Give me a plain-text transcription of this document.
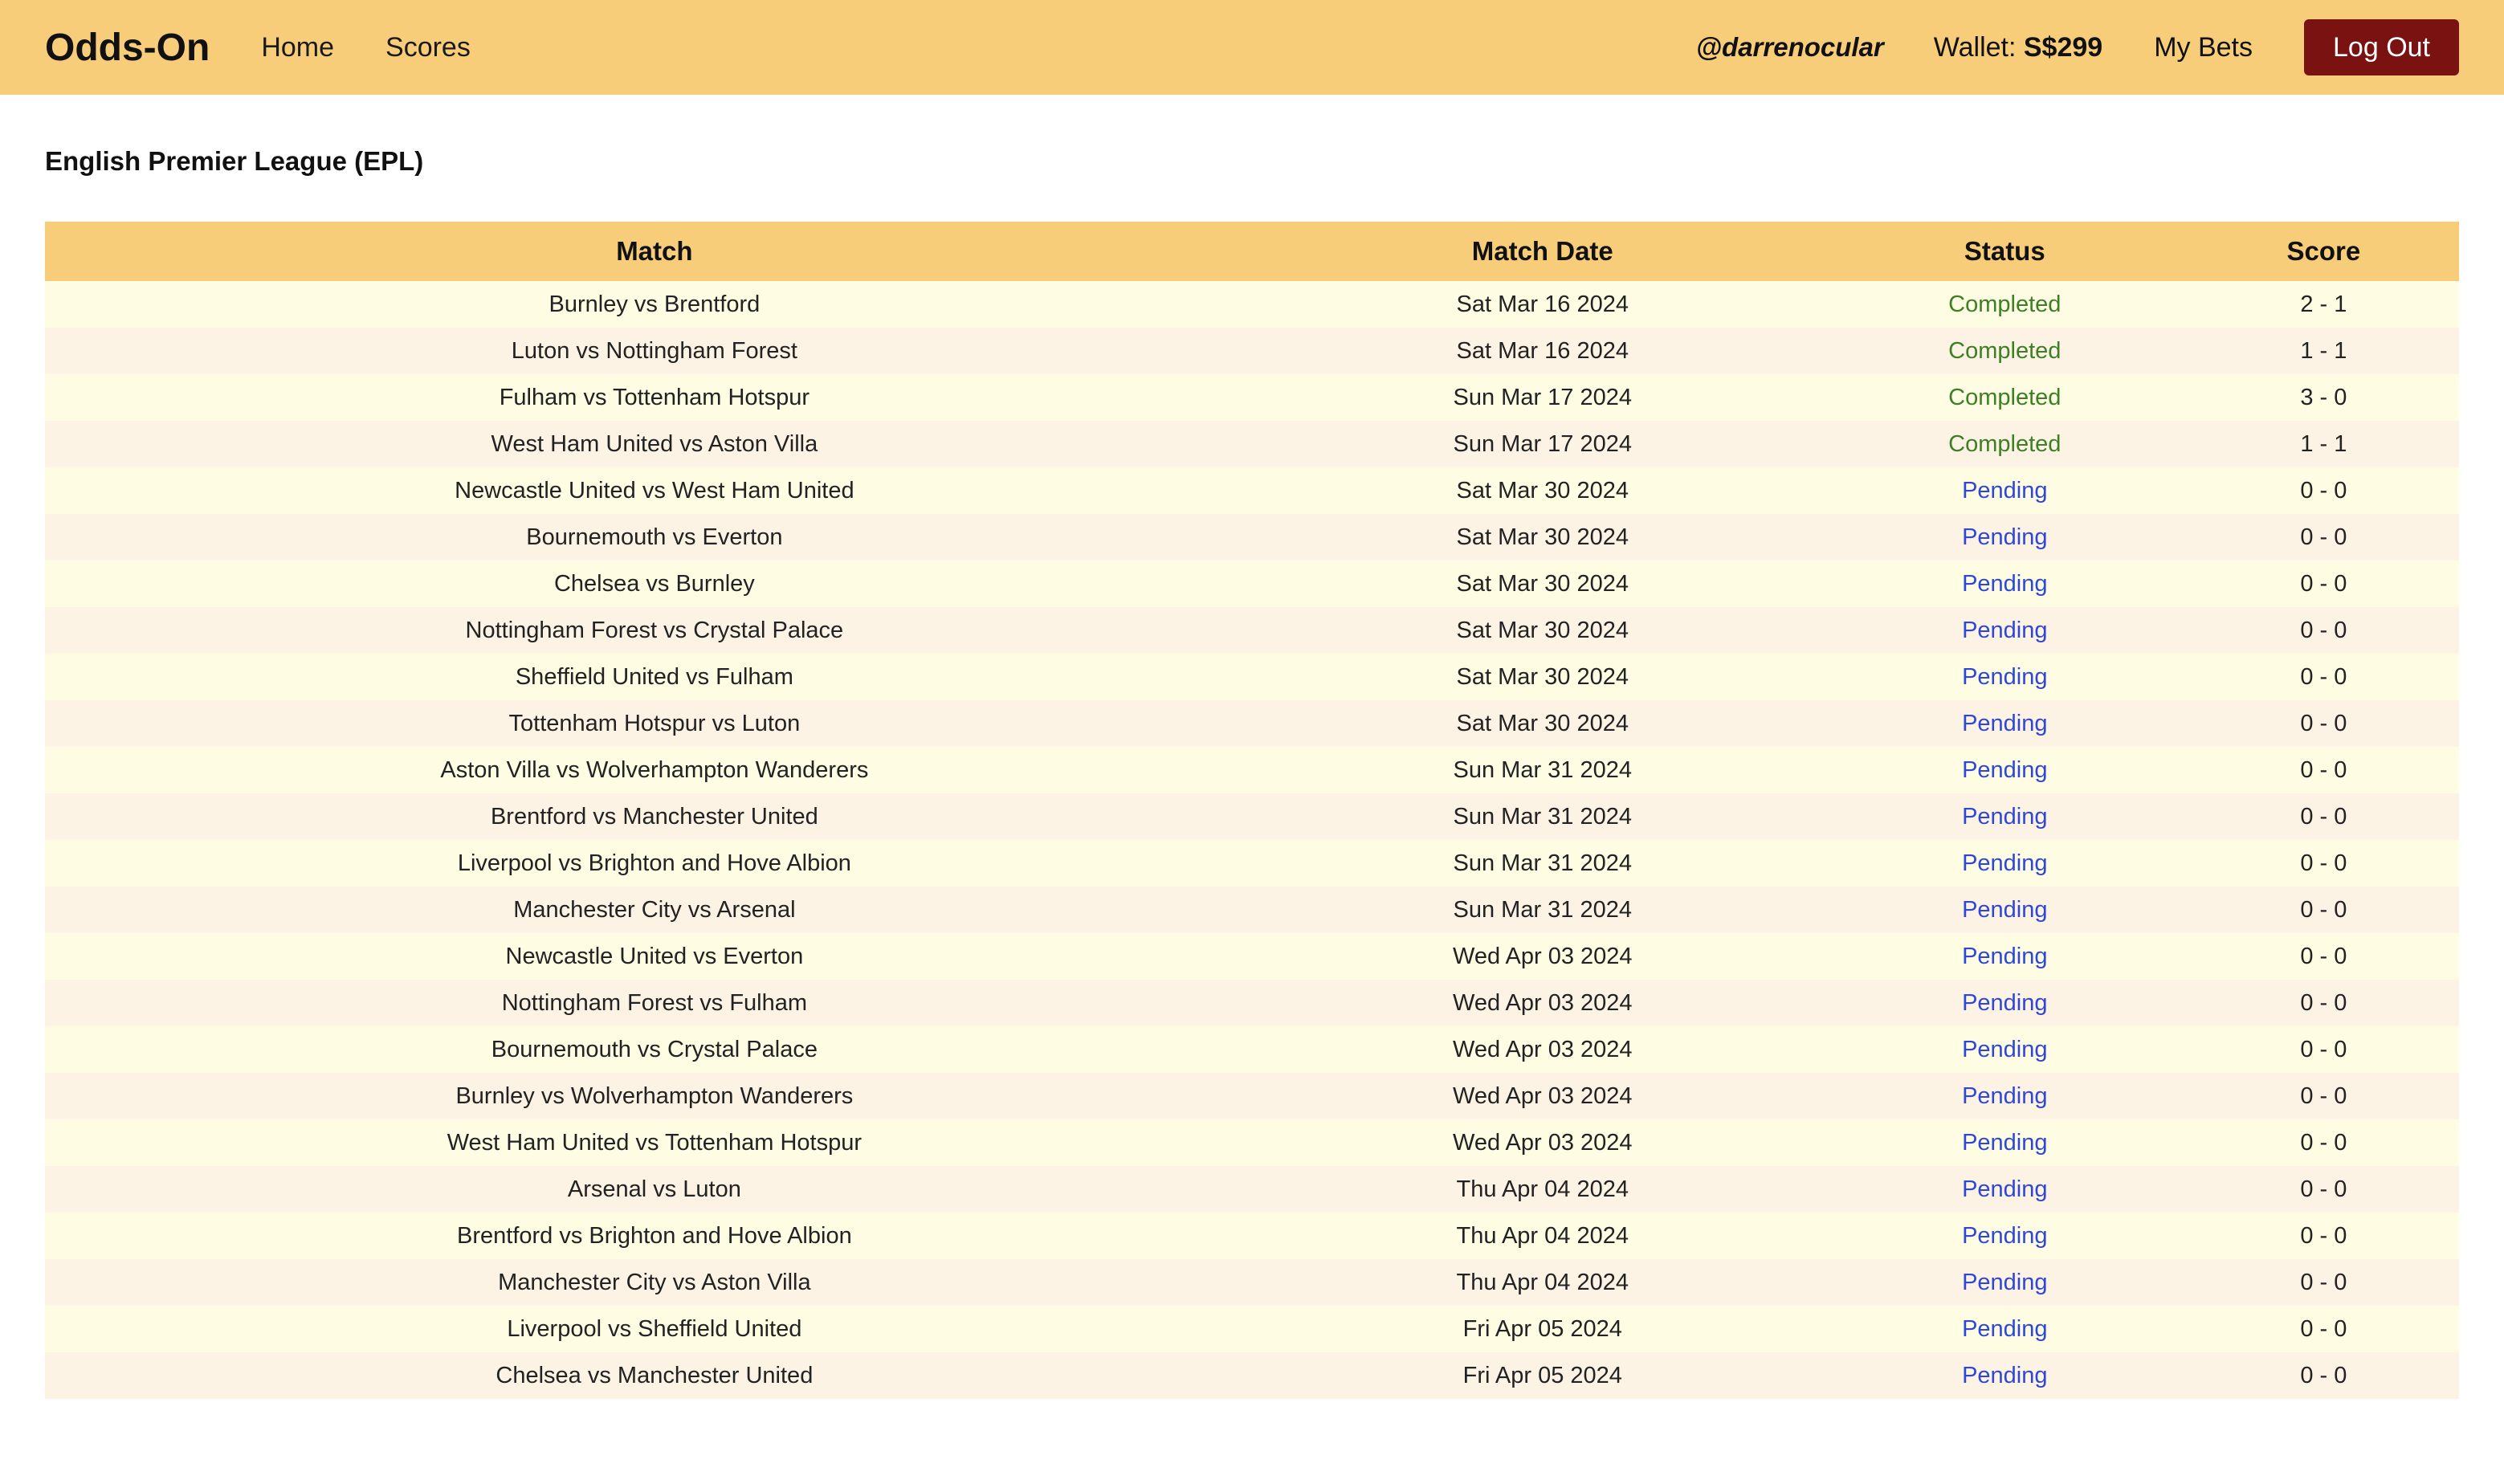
Odds-On Home Scores	@darrenocular Wallet: S$299 My Bets	Log Out
English Premier League (EPL)
Match	Match Date	Status	Score
Burnley vs Brentford	Sat Mar 16 2024	Completed	2 - 1
Luton vs Nottingham Forest	Sat Mar 16 2024	Completed	1 - 1
Fulham vs Tottenham Hotspur	Sun Mar 17 2024	Completed	3 - 0
West Ham United vs Aston Villa	Sun Mar 17 2024	Completed	1 - 1
Newcastle United vs West Ham United	Sat Mar 30 2024	Pending	0 - 0
Bournemouth vs Everton	Sat Mar 30 2024	Pending	0 - 0
Chelsea vs Burnley	Sat Mar 30 2024	Pending	0 - 0
Nottingham Forest vs Crystal Palace	Sat Mar 30 2024	Pending	0 - 0
Sheffield United vs Fulham	Sat Mar 30 2024	Pending	0 - 0
Tottenham Hotspur vs Luton	Sat Mar 30 2024	Pending	0 - 0
Aston Villa vs Wolverhampton Wanderers	Sun Mar 31 2024	Pending	0 - 0
Brentford vs Manchester United	Sun Mar 31 2024	Pending	0 - 0
Liverpool vs Brighton and Hove Albion	Sun Mar 31 2024	Pending	0 - 0
Manchester City vs Arsenal	Sun Mar 31 2024	Pending	0 - 0
Newcastle United vs Everton	Wed Apr 03 2024	Pending	0 - 0
Nottingham Forest vs Fulham	Wed Apr 03 2024	Pending	0 - 0
Bournemouth vs Crystal Palace	Wed Apr 03 2024	Pending	0 - 0
Burnley vs Wolverhampton Wanderers	Wed Apr 03 2024	Pending	0 - 0
West Ham United vs Tottenham Hotspur	Wed Apr 03 2024	Pending	0 - 0
Arsenal vs Luton	Thu Apr 04 2024	Pending	0 - 0
Brentford vs Brighton and Hove Albion	Thu Apr 04 2024	Pending	0 - 0
Manchester City vs Aston Villa	Thu Apr 04 2024	Pending	0 - 0
Liverpool vs Sheffield United	Fri Apr 05 2024	Pending	0 - 0
Chelsea vs Manchester United	Fri Apr 05 2024	Pending	0 - 0
